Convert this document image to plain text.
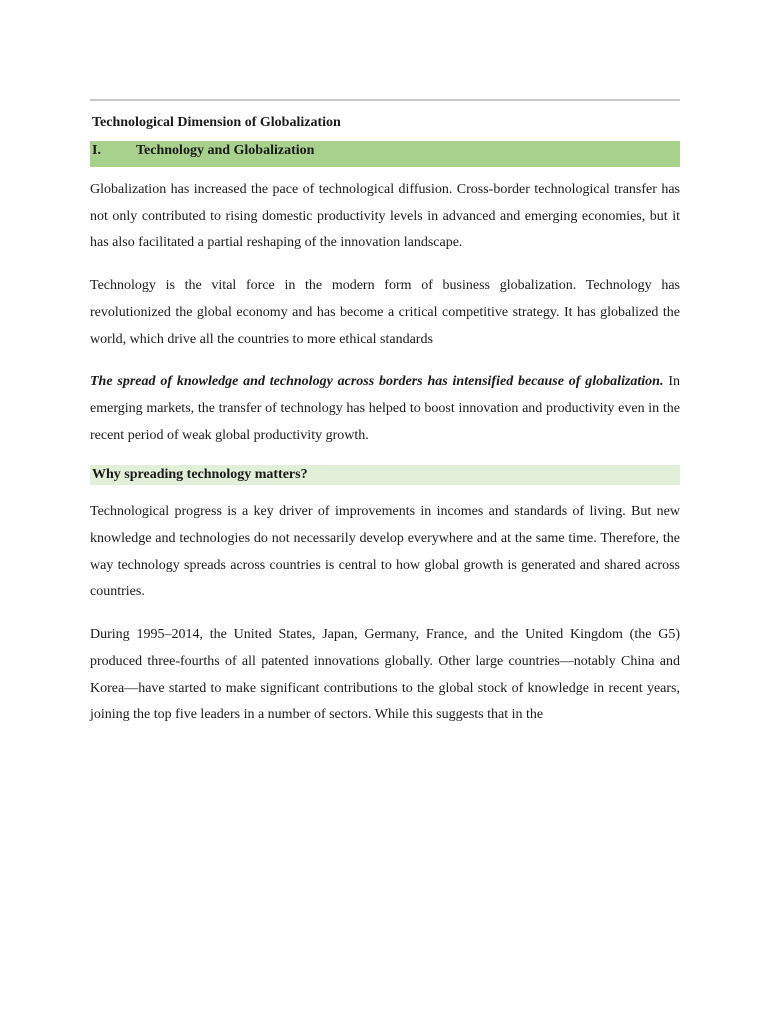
Technological Dimension of Globalization
I.	Technology and Globalization

Globalization has increased the pace of technological diffusion. Cross-border technological transfer has not only contributed to rising domestic productivity levels in advanced and emerging economies, but it has also facilitated a partial reshaping of the innovation landscape.

Technology is the vital force in the modern form of business globalization. Technology has revolutionized the global economy and has become a critical competitive strategy. It has globalized the world, which drive all the countries to more ethical standards

The spread of knowledge and technology across borders has intensified because of globalization. In emerging markets, the transfer of technology has helped to boost innovation and productivity even in the recent period of weak global productivity growth.

Why spreading technology matters?

Technological progress is a key driver of improvements in incomes and standards of living. But new knowledge and technologies do not necessarily develop everywhere and at the same time. Therefore, the way technology spreads across countries is central to how global growth is generated and shared across countries.

During 1995–2014, the United States, Japan, Germany, France, and the United Kingdom (the G5) produced three-fourths of all patented innovations globally. Other large countries—notably China and Korea—have started to make significant contributions to the global stock of knowledge in recent years, joining the top five leaders in a number of sectors. While this suggests that in the
